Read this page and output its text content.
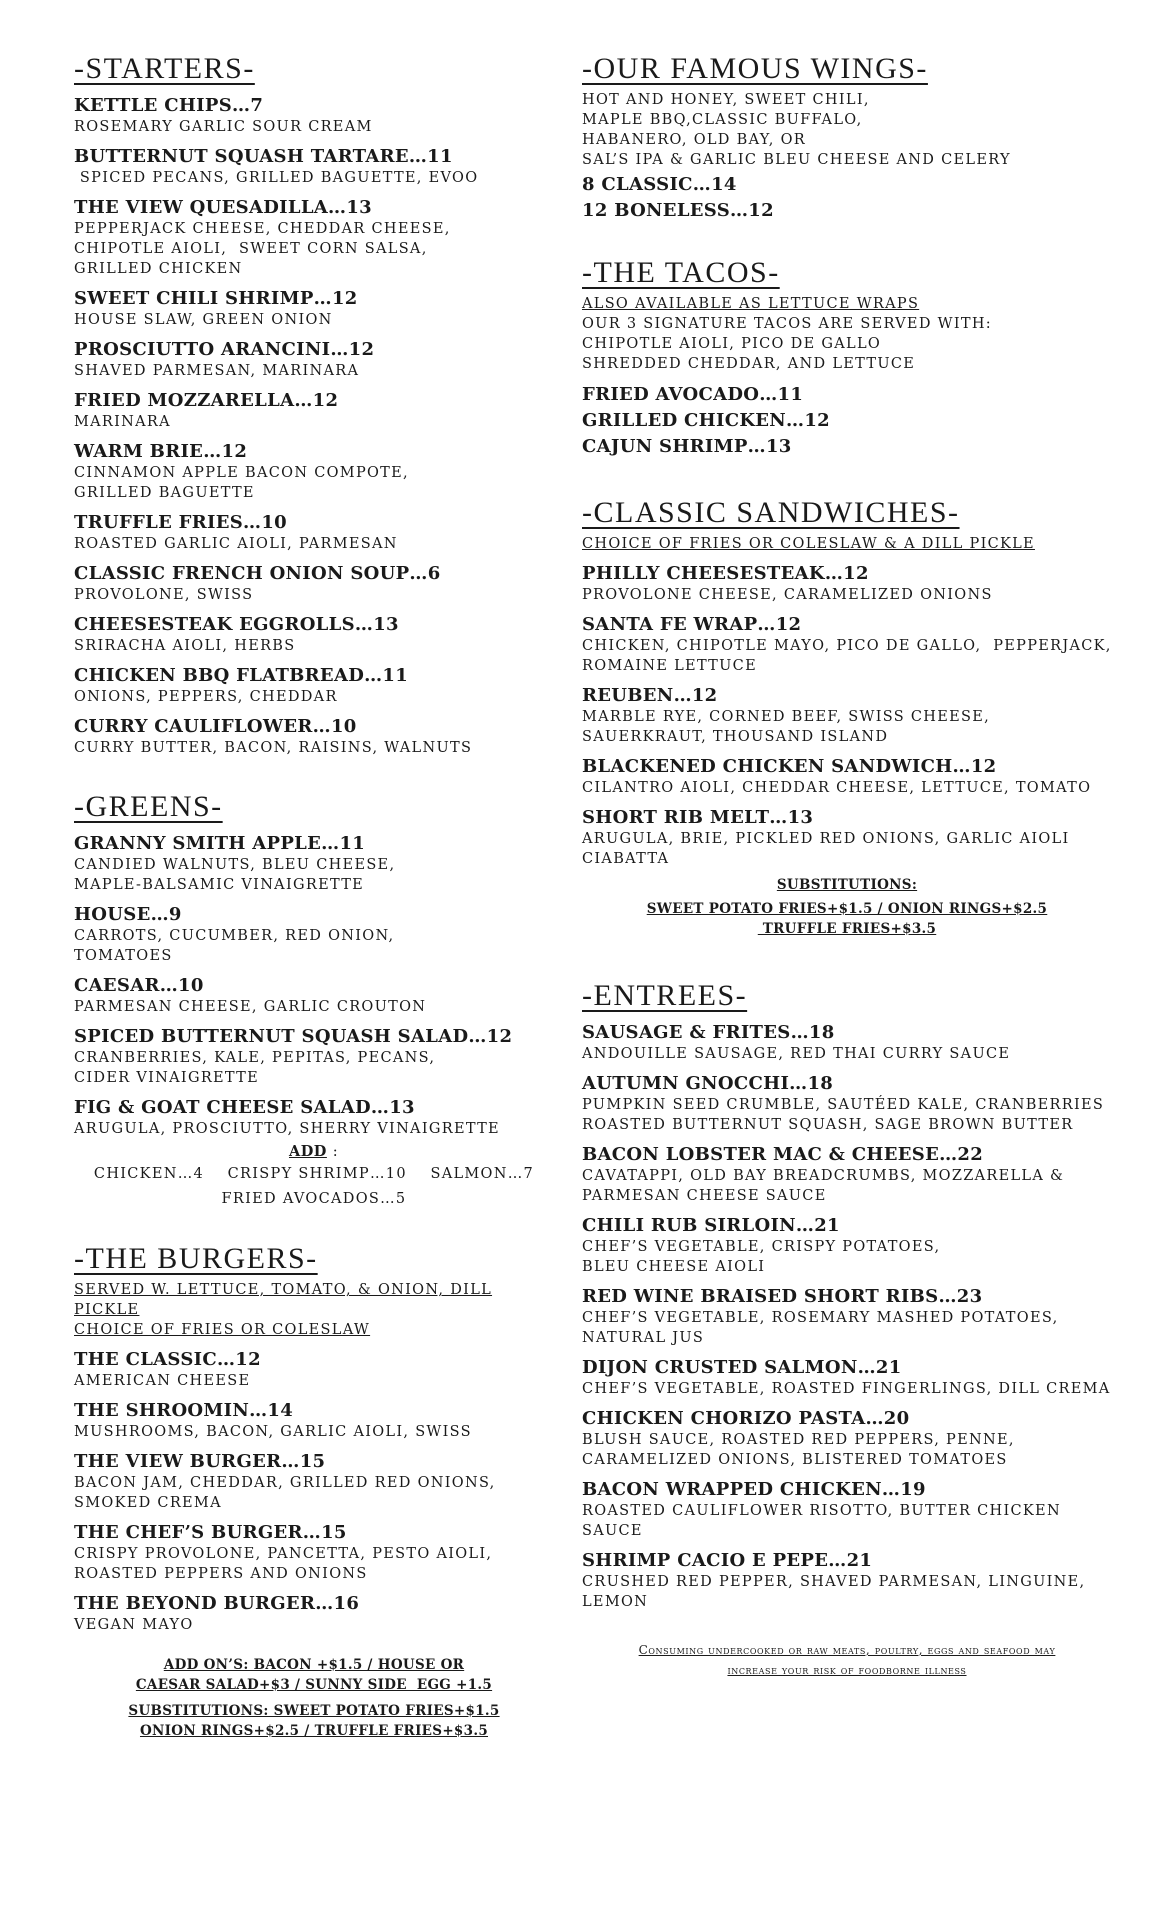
-STARTERS-

KETTLE CHIPS…7

ROSEMARY GARLIC SOUR CREAM

BUTTERNUT SQUASH TARTARE…11

SPICED PECANS, GRILLED BAGUETTE, EVOO

THE VIEW QUESADILLA…13

PEPPERJACK CHEESE, CHEDDAR CHEESE,
CHIPOTLE AIOLI,  SWEET CORN SALSA,
GRILLED CHICKEN

SWEET CHILI SHRIMP…12

HOUSE SLAW, GREEN ONION

PROSCIUTTO ARANCINI…12

SHAVED PARMESAN, MARINARA

FRIED MOZZARELLA…12

MARINARA

WARM BRIE…12

CINNAMON APPLE BACON COMPOTE,
GRILLED BAGUETTE

TRUFFLE FRIES…10

ROASTED GARLIC AIOLI, PARMESAN

CLASSIC FRENCH ONION SOUP…6

PROVOLONE, SWISS

CHEESESTEAK EGGROLLS…13

SRIRACHA AIOLI, HERBS

CHICKEN BBQ FLATBREAD…11

ONIONS, PEPPERS, CHEDDAR

CURRY CAULIFLOWER…10

CURRY BUTTER, BACON, RAISINS, WALNUTS

-GREENS-

GRANNY SMITH APPLE…11

CANDIED WALNUTS, BLEU CHEESE,
MAPLE-BALSAMIC VINAIGRETTE

HOUSE…9

CARROTS, CUCUMBER, RED ONION,
TOMATOES

CAESAR…10

PARMESAN CHEESE, GARLIC CROUTON

SPICED BUTTERNUT SQUASH SALAD…12

CRANBERRIES, KALE, PEPITAS, PECANS,
CIDER VINAIGRETTE

FIG & GOAT CHEESE SALAD…13

ARUGULA, PROSCIUTTO, SHERRY VINAIGRETTE

ADD :

CHICKEN…4    CRISPY SHRIMP…10    SALMON…7

FRIED AVOCADOS…5

-THE BURGERS-

SERVED W. LETTUCE, TOMATO, & ONION, DILL PICKLE

CHOICE OF FRIES OR COLESLAW

THE CLASSIC…12

AMERICAN CHEESE

THE SHROOMIN…14

MUSHROOMS, BACON, GARLIC AIOLI, SWISS

THE VIEW BURGER…15

BACON JAM, CHEDDAR, GRILLED RED ONIONS,
SMOKED CREMA

THE CHEF’S BURGER…15

CRISPY PROVOLONE, PANCETTA, PESTO AIOLI,
ROASTED PEPPERS AND ONIONS

THE BEYOND BURGER…16

VEGAN MAYO

ADD ON’S: BACON +$1.5 / HOUSE OR

CAESAR SALAD+$3 / SUNNY SIDE  EGG +1.5

SUBSTITUTIONS: SWEET POTATO FRIES+$1.5

ONION RINGS+$2.5 / TRUFFLE FRIES+$3.5

-OUR FAMOUS WINGS-

HOT AND HONEY, SWEET CHILI,
MAPLE BBQ,CLASSIC BUFFALO,
HABANERO, OLD BAY, OR
SAL’S IPA & GARLIC BLEU CHEESE AND CELERY

8 CLASSIC…14

12 BONELESS…12

-THE TACOS-

ALSO AVAILABLE AS LETTUCE WRAPS

OUR 3 SIGNATURE TACOS ARE SERVED WITH:
CHIPOTLE AIOLI, PICO DE GALLO
SHREDDED CHEDDAR, AND LETTUCE

FRIED AVOCADO…11

GRILLED CHICKEN…12

CAJUN SHRIMP…13

-CLASSIC SANDWICHES-

CHOICE OF FRIES OR COLESLAW & A DILL PICKLE

PHILLY CHEESESTEAK…12

PROVOLONE CHEESE, CARAMELIZED ONIONS

SANTA FE WRAP…12

CHICKEN, CHIPOTLE MAYO, PICO DE GALLO,  PEPPERJACK,
ROMAINE LETTUCE

REUBEN…12

MARBLE RYE, CORNED BEEF, SWISS CHEESE,
SAUERKRAUT, THOUSAND ISLAND

BLACKENED CHICKEN SANDWICH…12

CILANTRO AIOLI, CHEDDAR CHEESE, LETTUCE, TOMATO

SHORT RIB MELT…13

ARUGULA, BRIE, PICKLED RED ONIONS, GARLIC AIOLI
CIABATTA

SUBSTITUTIONS:

SWEET POTATO FRIES+$1.5 / ONION RINGS+$2.5

TRUFFLE FRIES+$3.5

-ENTREES-

SAUSAGE & FRITES…18

ANDOUILLE SAUSAGE, RED THAI CURRY SAUCE

AUTUMN GNOCCHI…18

PUMPKIN SEED CRUMBLE, SAUTÉED KALE, CRANBERRIES
ROASTED BUTTERNUT SQUASH, SAGE BROWN BUTTER

BACON LOBSTER MAC & CHEESE…22

CAVATAPPI, OLD BAY BREADCRUMBS, MOZZARELLA &
PARMESAN CHEESE SAUCE

CHILI RUB SIRLOIN…21

CHEF’S VEGETABLE, CRISPY POTATOES,
BLEU CHEESE AIOLI

RED WINE BRAISED SHORT RIBS…23

CHEF’S VEGETABLE, ROSEMARY MASHED POTATOES,
NATURAL JUS

DIJON CRUSTED SALMON…21

CHEF’S VEGETABLE, ROASTED FINGERLINGS, DILL CREMA

CHICKEN CHORIZO PASTA…20

BLUSH SAUCE, ROASTED RED PEPPERS, PENNE,
CARAMELIZED ONIONS, BLISTERED TOMATOES

BACON WRAPPED CHICKEN…19

ROASTED CAULIFLOWER RISOTTO, BUTTER CHICKEN
SAUCE

SHRIMP CACIO E PEPE…21

CRUSHED RED PEPPER, SHAVED PARMESAN, LINGUINE,
LEMON

Consuming undercooked or raw meats, poultry, eggs and seafood may

increase your risk of foodborne illness
